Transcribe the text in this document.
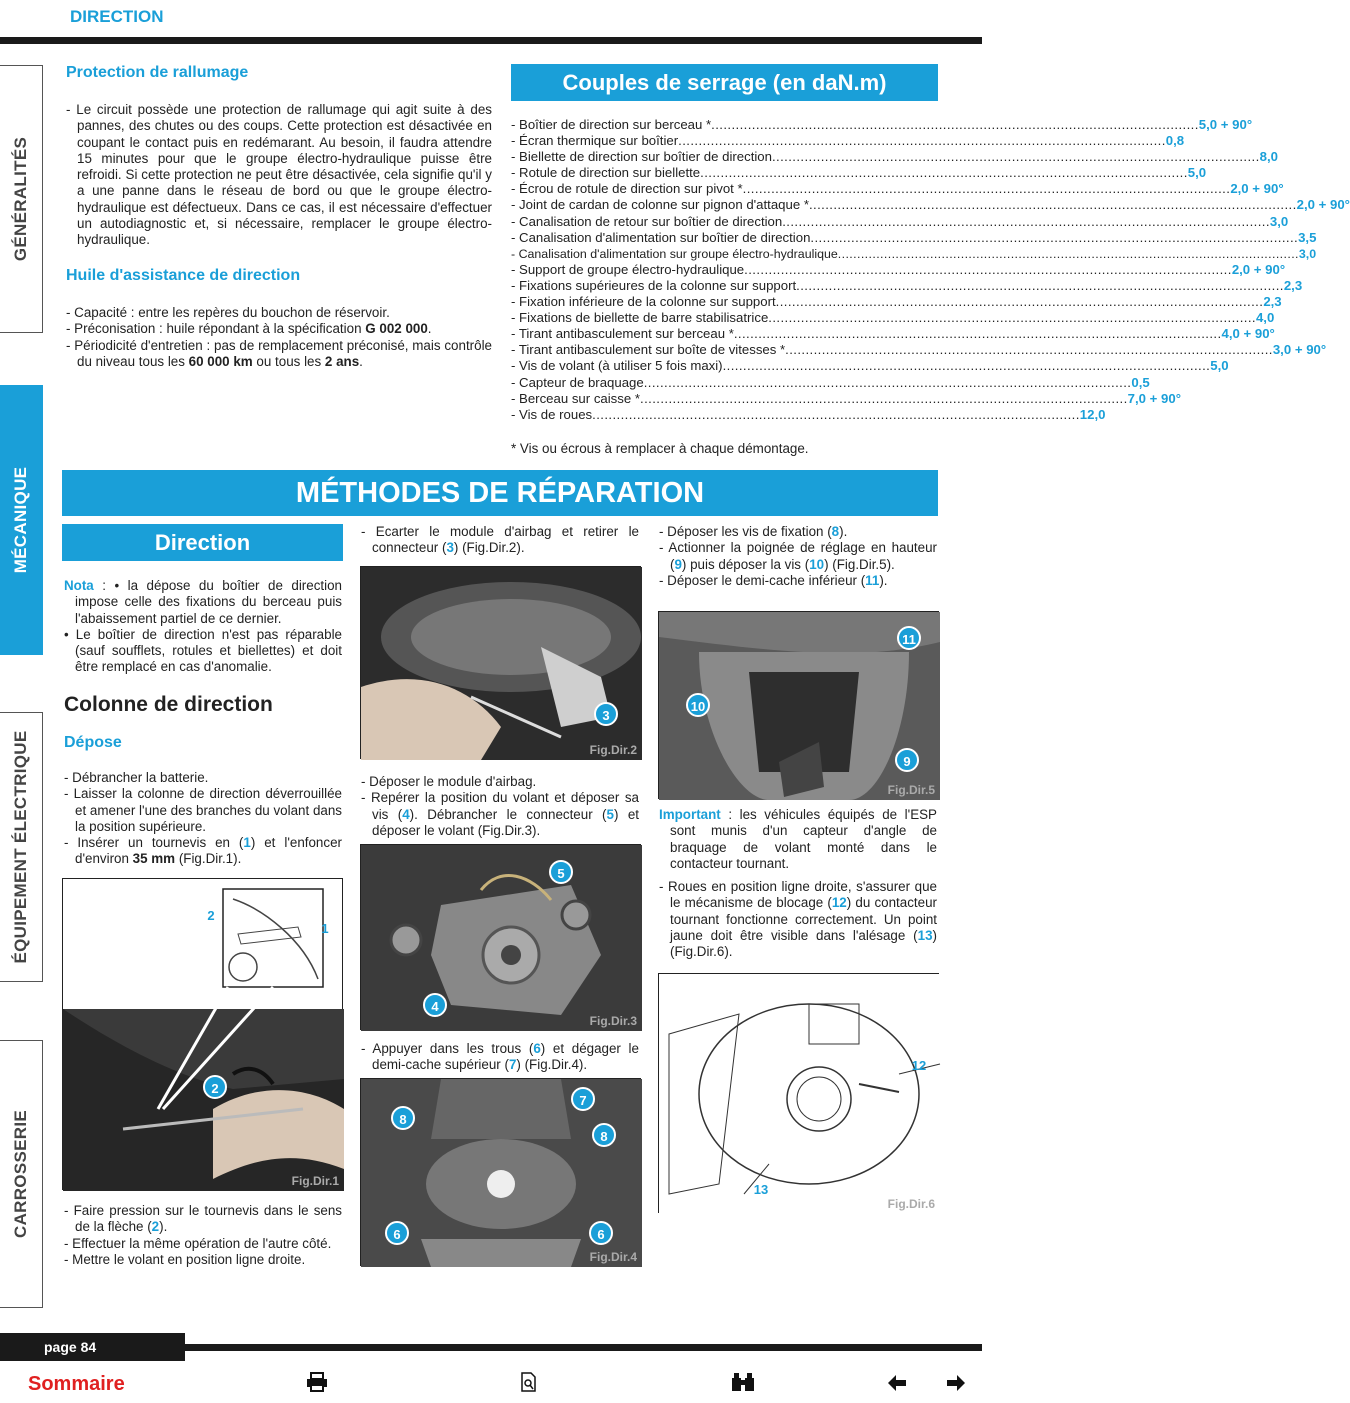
DIRECTION
GÉNÉRALITÉS
MÉCANIQUE
ÉQUIPEMENT ÉLECTRIQUE
CARROSSERIE
Protection de rallumage
- Le circuit possède une protection de rallumage qui agit suite à des pannes, des chutes ou des coups. Cette protection est désactivée en coupant le contact puis en redémarant. Au besoin, il faudra attendre 15 minutes pour que le groupe électro-hydraulique puisse être refroidi. Si cette protection ne peut être désactivée, cela signifie qu'il y a une panne dans le réseau de bord ou que le groupe électro-hydraulique est défectueux. Dans ce cas, il est nécessaire d'effectuer un autodiagnostic et, si nécessaire, remplacer le groupe électro-hydraulique.
Huile d'assistance de direction
- Capacité : entre les repères du bouchon de réservoir.
- Préconisation : huile répondant à la spécification G 002 000.
- Périodicité d'entretien : pas de remplacement préconisé, mais contrôle du niveau tous les 60 000 km ou tous les 2 ans.
Couples de serrage (en daN.m)
- Boîtier de direction sur berceau * ........................................................................................................................ 5,0 + 90°
- Écran thermique sur boîtier ........................................................................................................................ 0,8
- Biellette de direction sur boîtier de direction ........................................................................................................................ 8,0
- Rotule de direction sur biellette ........................................................................................................................ 5,0
- Écrou de rotule de direction sur pivot * ........................................................................................................................ 2,0 + 90°
- Joint de cardan de colonne sur pignon d'attaque * ........................................................................................................................ 2,0 + 90°
- Canalisation de retour sur boîtier de direction ........................................................................................................................ 3,0
- Canalisation d'alimentation sur boîtier de direction ........................................................................................................................ 3,5
- Canalisation d'alimentation sur groupe électro-hydraulique ........................................................................................................................ 3,0
- Support de groupe électro-hydraulique ........................................................................................................................ 2,0 + 90°
- Fixations supérieures de la colonne sur support ........................................................................................................................ 2,3
- Fixation inférieure de la colonne sur support ........................................................................................................................ 2,3
- Fixations de biellette de barre stabilisatrice ........................................................................................................................ 4,0
- Tirant antibasculement sur berceau * ........................................................................................................................ 4,0 + 90°
- Tirant antibasculement sur boîte de vitesses * ........................................................................................................................ 3,0 + 90°
- Vis de volant (à utiliser 5 fois maxi) ........................................................................................................................ 5,0
- Capteur de braquage ........................................................................................................................ 0,5
- Berceau sur caisse * ........................................................................................................................ 7,0 + 90°
- Vis de roues ........................................................................................................................ 12,0
* Vis ou écrous à remplacer à chaque démontage.
MÉTHODES DE RÉPARATION
Direction
Nota : • la dépose du boîtier de direction impose celle des fixations du berceau puis l'abaissement partiel de ce dernier.
• Le boîtier de direction n'est pas réparable (sauf soufflets, rotules et biellettes) et doit être remplacé en cas d'anomalie.
Colonne de direction
Dépose
- Débrancher la batterie.
- Laisser la colonne de direction déverrouillée et amener l'une des branches du volant dans la position supérieure.
- Insérer un tournevis en (1) et l'enfoncer d'environ 35 mm (Fig.Dir.1).
2
1
2
Fig.Dir.1
- Faire pression sur le tournevis dans le sens de la flèche (2).
- Effectuer la même opération de l'autre côté.
- Mettre le volant en position ligne droite.
- Ecarter le module d'airbag et retirer le connecteur (3) (Fig.Dir.2).
3
Fig.Dir.2
- Déposer le module d'airbag.
- Repérer la position du volant et déposer sa vis (4). Débrancher le connecteur (5) et déposer le volant (Fig.Dir.3).
5
4
Fig.Dir.3
- Appuyer dans les trous (6) et dégager le demi-cache supérieur (7) (Fig.Dir.4).
8
7
8
6	6
Fig.Dir.4
- Déposer les vis de fixation (8).
- Actionner la poignée de réglage en hauteur (9) puis déposer la vis (10) (Fig.Dir.5).
- Déposer le demi-cache inférieur (11).
11
10
9
Fig.Dir.5
Important : les véhicules équipés de l'ESP sont munis d'un capteur d'angle de braquage de volant monté dans le contacteur tournant.
- Roues en position ligne droite, s'assurer que le mécanisme de blocage (12) du contacteur tournant fonctionne correctement. Un point jaune doit être visible dans l'alésage (13) (Fig.Dir.6).
12
13
Fig.Dir.6
page 84
Sommaire
